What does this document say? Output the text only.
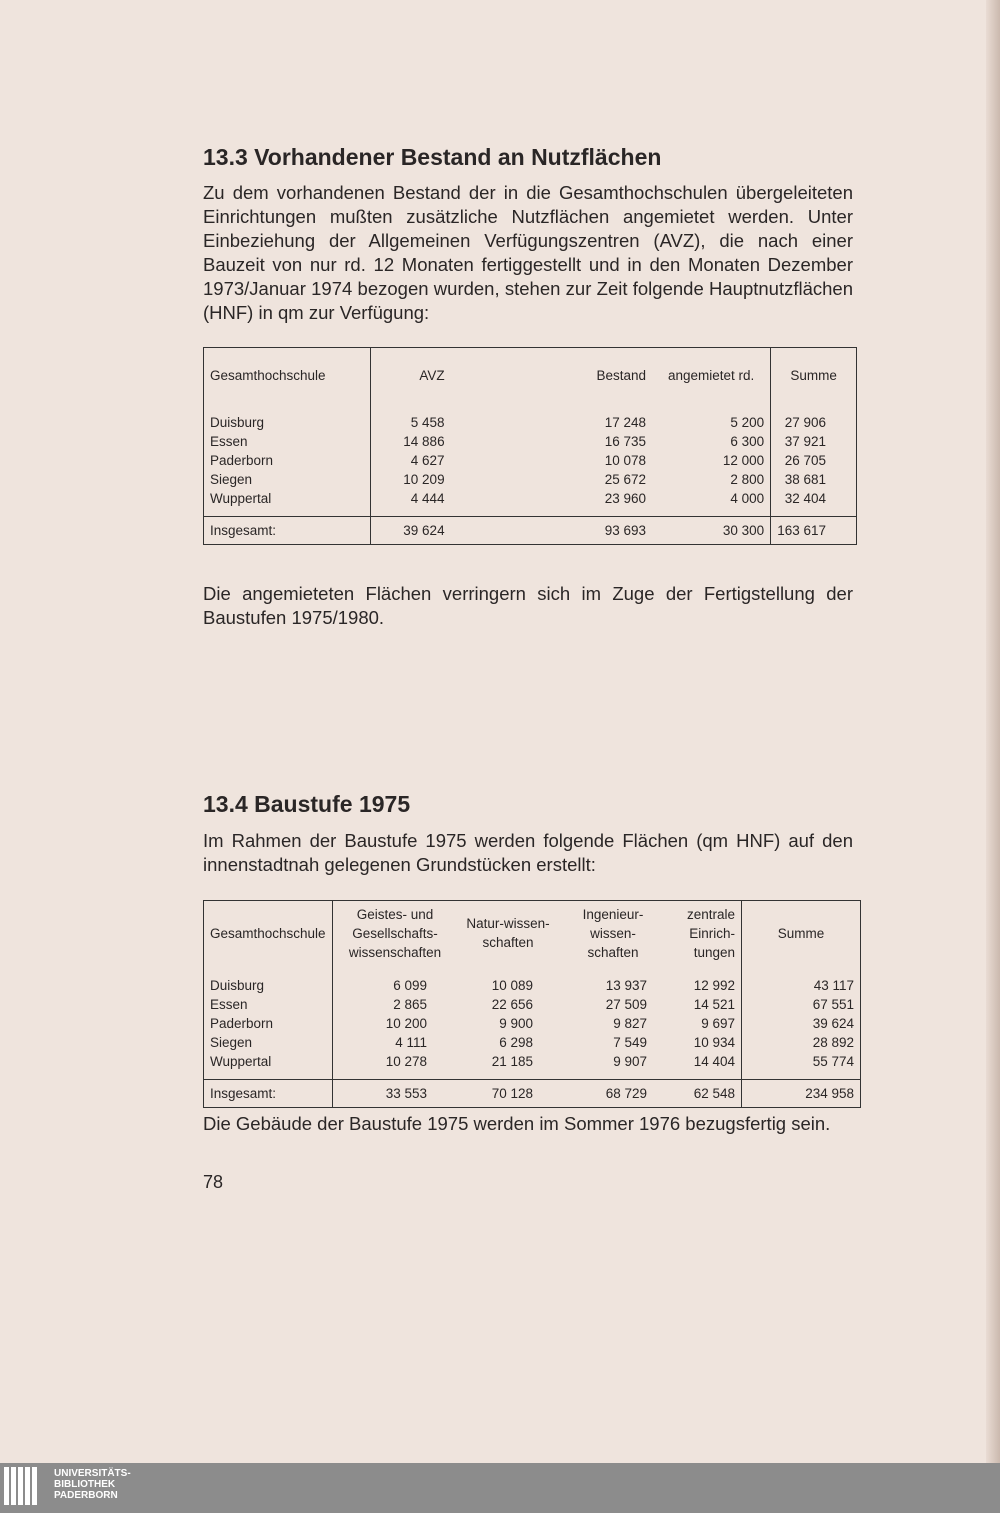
13.3 Vorhandener Bestand an Nutzflächen

Zu dem vorhandenen Bestand der in die Gesamthochschulen übergeleiteten Einrichtungen mußten zusätzliche Nutzflächen angemietet werden. Unter Einbeziehung der Allgemeinen Verfügungszentren (AVZ), die nach einer Bauzeit von nur rd. 12 Monaten fertiggestellt und in den Monaten Dezember 1973/Januar 1974 bezogen wurden, stehen zur Zeit folgende Hauptnutzflächen (HNF) in qm zur Verfügung:

Gesamthochschule	AVZ	Bestand	angemietet rd.	Summe
Duisburg	5 458	17 248	5 200	27 906
Essen	14 886	16 735	6 300	37 921
Paderborn	4 627	10 078	12 000	26 705
Siegen	10 209	25 672	2 800	38 681
Wuppertal	4 444	23 960	4 000	32 404
Insgesamt:	39 624	93 693	30 300	163 617

Die angemieteten Flächen verringern sich im Zuge der Fertigstellung der Baustufen 1975/1980.

13.4 Baustufe 1975

Im Rahmen der Baustufe 1975 werden folgende Flächen (qm HNF) auf den innenstadtnah gelegenen Grundstücken erstellt:

Gesamthochschule	Geistes- und Gesellschafts-wissenschaften	Natur-wissen-schaften	Ingenieur-wissen-schaften	zentrale Einrich-tungen	Summe
Duisburg	6 099	10 089	13 937	12 992	43 117
Essen	2 865	22 656	27 509	14 521	67 551
Paderborn	10 200	9 900	9 827	9 697	39 624
Siegen	4 111	6 298	7 549	10 934	28 892
Wuppertal	10 278	21 185	9 907	14 404	55 774
Insgesamt:	33 553	70 128	68 729	62 548	234 958

Die Gebäude der Baustufe 1975 werden im Sommer 1976 bezugsfertig sein.

78
UNIVERSITÄTS-
BIBLIOTHEK
PADERBORN
